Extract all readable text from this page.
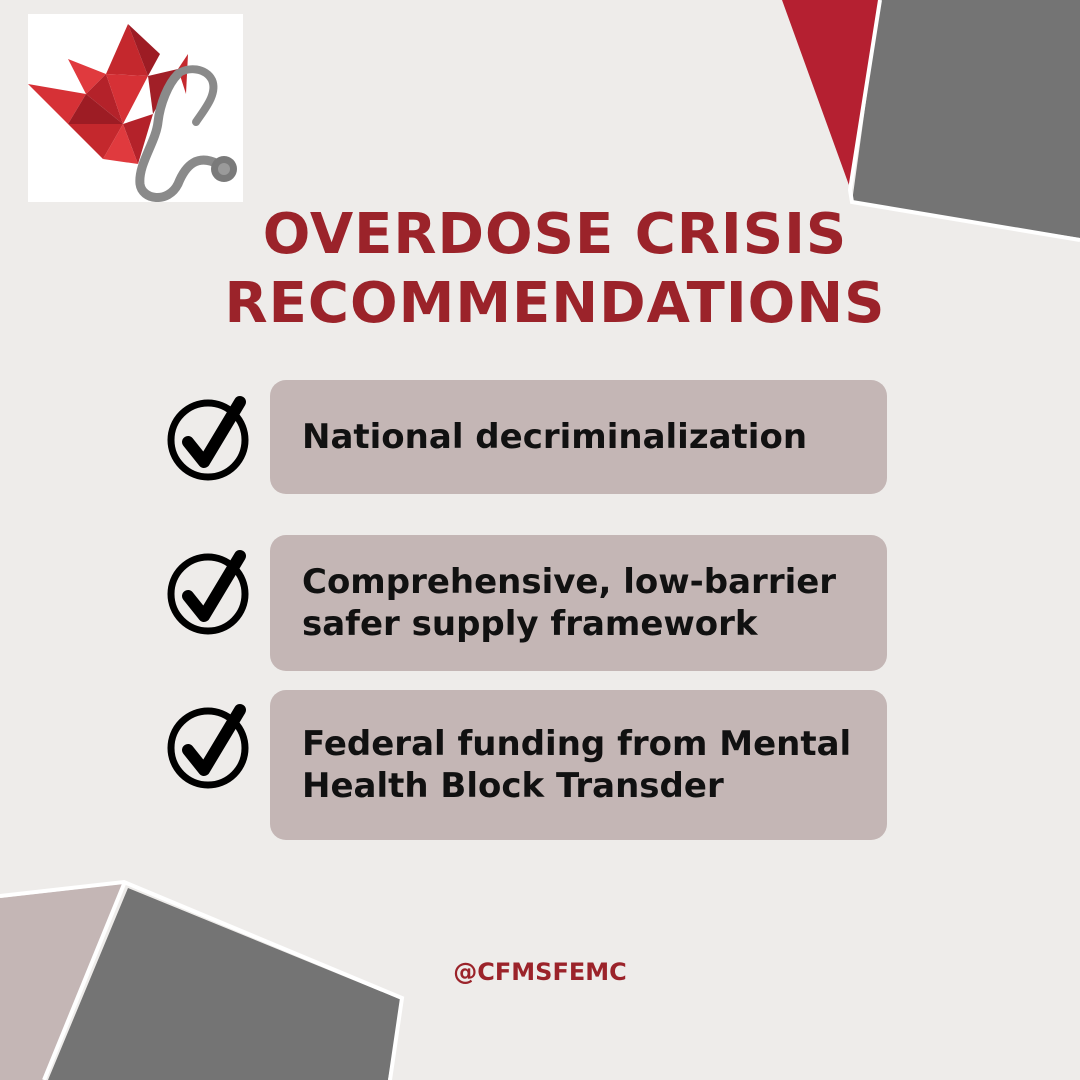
OVERDOSE CRISIS
RECOMMENDATIONS
National decriminalization
Comprehensive, low-barrier
safer supply framework
Federal funding from Mental
Health Block Transder
@CFMSFEMC
